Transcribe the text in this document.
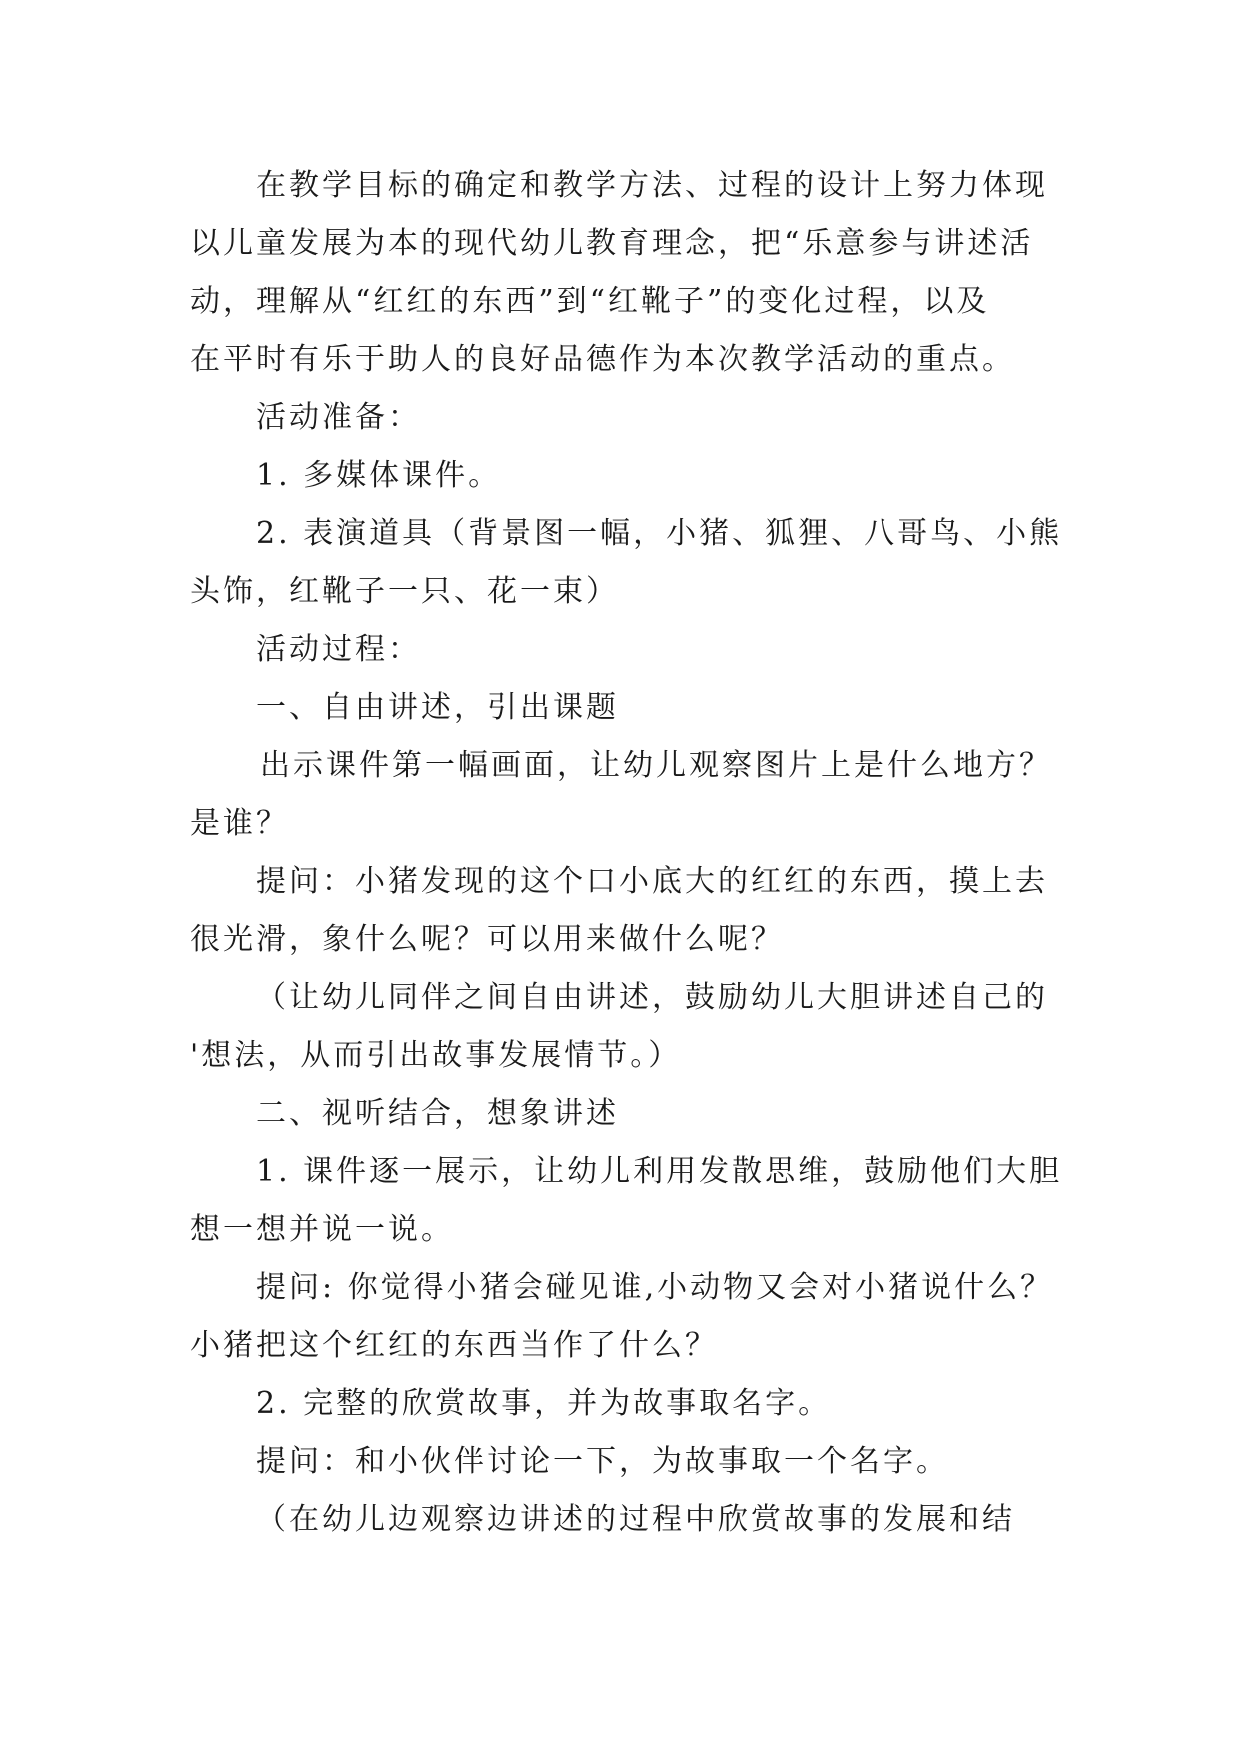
在教学目标的确定和教学方法、过程的设计上努力体现

以儿童发展为本的现代幼儿教育理念，把“乐意参与讲述活

动，理解从“红红的东西”到“红靴子”的变化过程，以及

在平时有乐于助人的良好品德作为本次教学活动的重点。

活动准备：

1. 多媒体课件。

2. 表演道具（背景图一幅，小猪、狐狸、八哥鸟、小熊

头饰，红靴子一只、花一束）

活动过程：

一、自由讲述，引出课题

出示课件第一幅画面，让幼儿观察图片上是什么地方？

是谁？

提问：小猪发现的这个口小底大的红红的东西，摸上去

很光滑，象什么呢？可以用来做什么呢？

（让幼儿同伴之间自由讲述，鼓励幼儿大胆讲述自己的

'想法，从而引出故事发展情节。）

二、视听结合，想象讲述

1. 课件逐一展示，让幼儿利用发散思维，鼓励他们大胆

想一想并说一说。

提问: 你觉得小猪会碰见谁,小动物又会对小猪说什么？

小猪把这个红红的东西当作了什么？

2. 完整的欣赏故事，并为故事取名字。

提问：和小伙伴讨论一下，为故事取一个名字。

（在幼儿边观察边讲述的过程中欣赏故事的发展和结
